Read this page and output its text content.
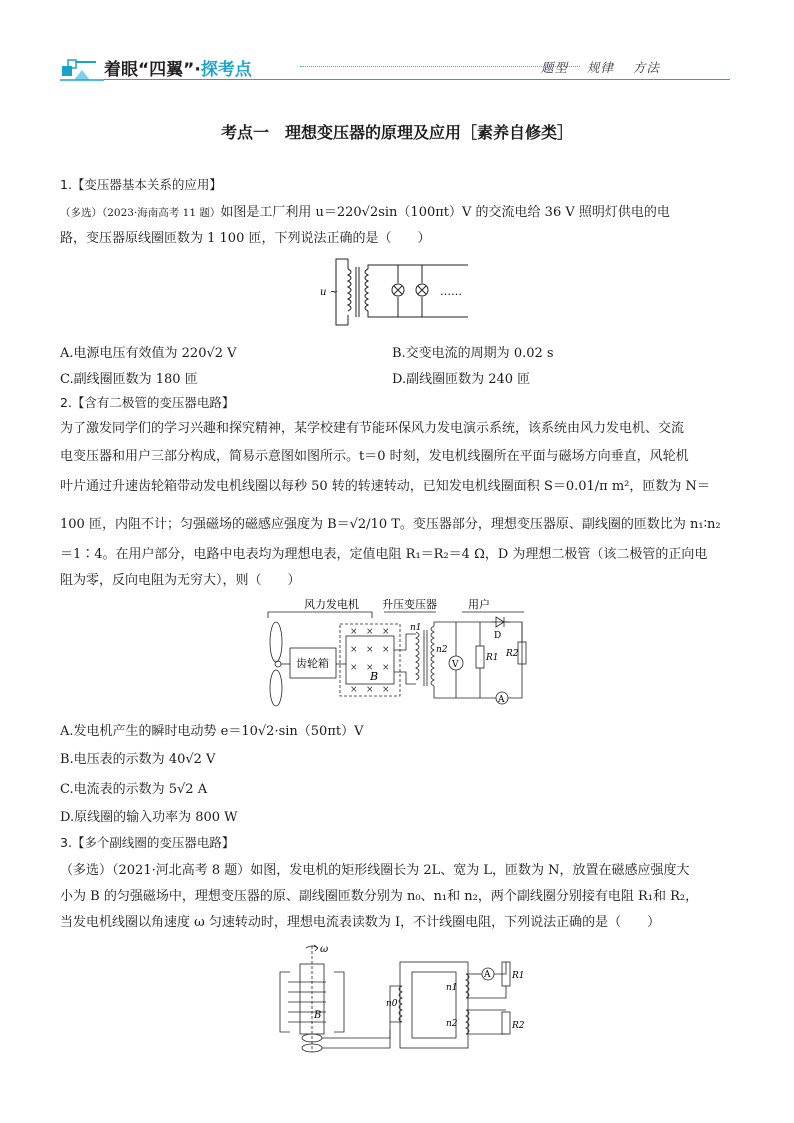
着眼“四翼”·探考点	题型 规律 方法
考点一　理想变压器的原理及应用［素养自修类］

1.【变压器基本关系的应用】

（多选）（2023·海南高考 11 题）如图是工厂利用 u＝220√2sin（100πt）V 的交流电给 36 V 照明灯供电的电

路，变压器原线圈匝数为 1 100 匝，下列说法正确的是（　　）

u ~	……
A.电源电压有效值为 220√2 V	B.交变电流的周期为 0.02 s
C.副线圈匝数为 180 匝	D.副线圈匝数为 240 匝

2.【含有二极管的变压器电路】

为了激发同学们的学习兴趣和探究精神，某学校建有节能环保风力发电演示系统，该系统由风力发电机、交流

电变压器和用户三部分构成，简易示意图如图所示。t＝0 时刻，发电机线圈所在平面与磁场方向垂直，风轮机

叶片通过升速齿轮箱带动发电机线圈以每秒 50 转的转速转动，已知发电机线圈面积 S＝0.01/π m²，匝数为 N＝

100 匝，内阻不计；匀强磁场的磁感应强度为 B＝√2/10 T。变压器部分，理想变压器原、副线圈的匝数比为 n₁∶n₂

＝1∶4。在用户部分，电路中电表均为理想电表，定值电阻 R₁＝R₂＝4 Ω，D 为理想二极管（该二极管的正向电

阻为零，反向电阻为无穷大），则（　　）

风力发电机 升压变压器	用户
× × ×
× × ×
× × ×
× × ×
齿轮箱
B
n1
n2
V
A
R1 R2
D
A.发电机产生的瞬时电动势 e＝10√2·sin（50πt）V
B.电压表的示数为 40√2 V
C.电流表的示数为 5√2 A
D.原线圈的输入功率为 800 W

3.【多个副线圈的变压器电路】

（多选）（2021·河北高考 8 题）如图，发电机的矩形线圈长为 2L、宽为 L，匝数为 N，放置在磁感应强度大

小为 B 的匀强磁场中，理想变压器的原、副线圈匝数分别为 n₀、n₁和 n₂，两个副线圈分别接有电阻 R₁和 R₂，

当发电机线圈以角速度 ω 匀速转动时，理想电流表读数为 I，不计线圈电阻，下列说法正确的是（　　）

ω
B
n0
n1
n2
A R1
R2
